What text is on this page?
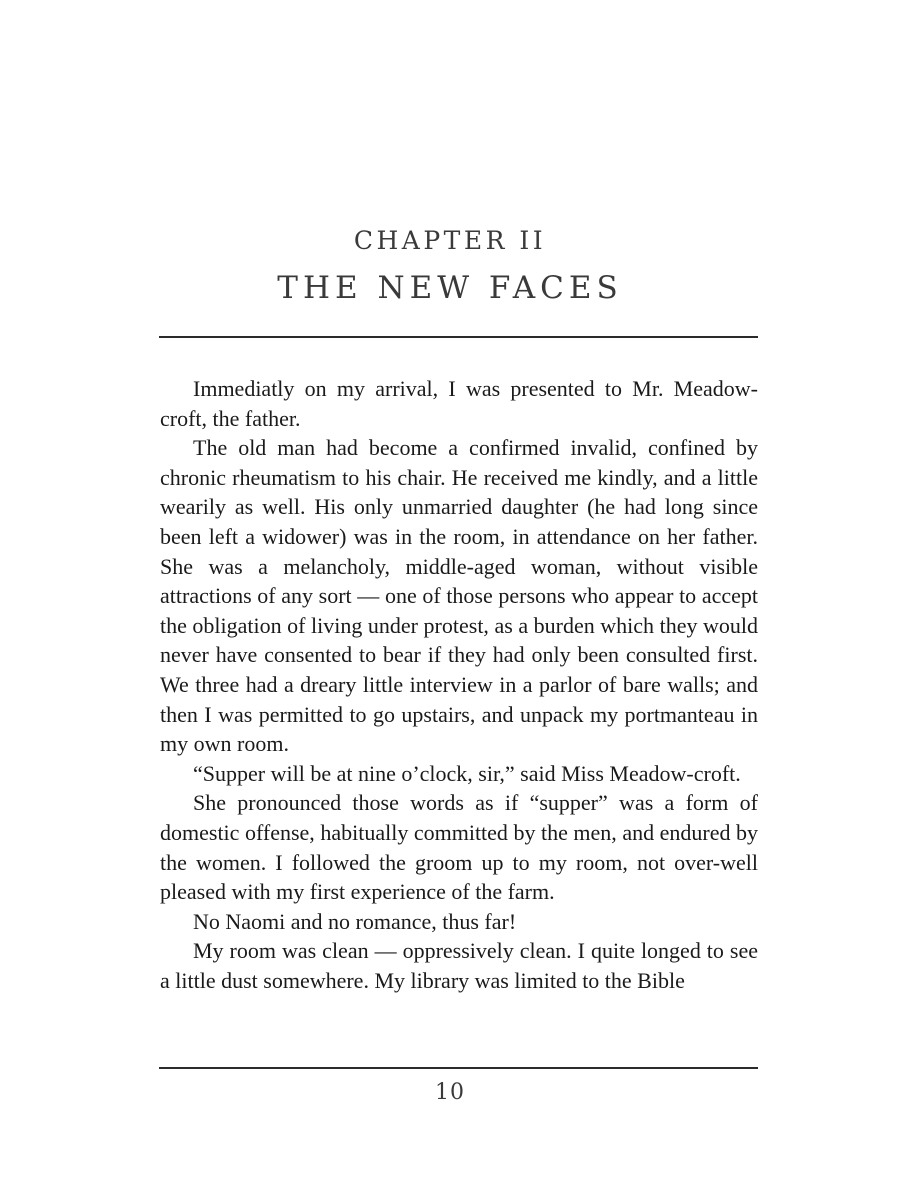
CHAPTER II
THE NEW FACES

Immediatly on my arrival, I was presented to Mr. Meadow-croft, the father.

The old man had become a confirmed invalid, confined by chronic rheumatism to his chair. He received me kindly, and a little wearily as well. His only unmarried daughter (he had long since been left a widower) was in the room, in attendance on her father. She was a melancholy, middle-aged woman, without visible attractions of any sort — one of those persons who appear to accept the obligation of living under protest, as a burden which they would never have consented to bear if they had only been consulted first. We three had a dreary little interview in a parlor of bare walls; and then I was permitted to go upstairs, and unpack my portmanteau in my own room.

“Supper will be at nine o’clock, sir,” said Miss Meadow-croft.

She pronounced those words as if “supper” was a form of domestic offense, habitually committed by the men, and endured by the women. I followed the groom up to my room, not over-well pleased with my first experience of the farm.

No Naomi and no romance, thus far!

My room was clean — oppressively clean. I quite longed to see a little dust somewhere. My library was limited to the Bible

10
